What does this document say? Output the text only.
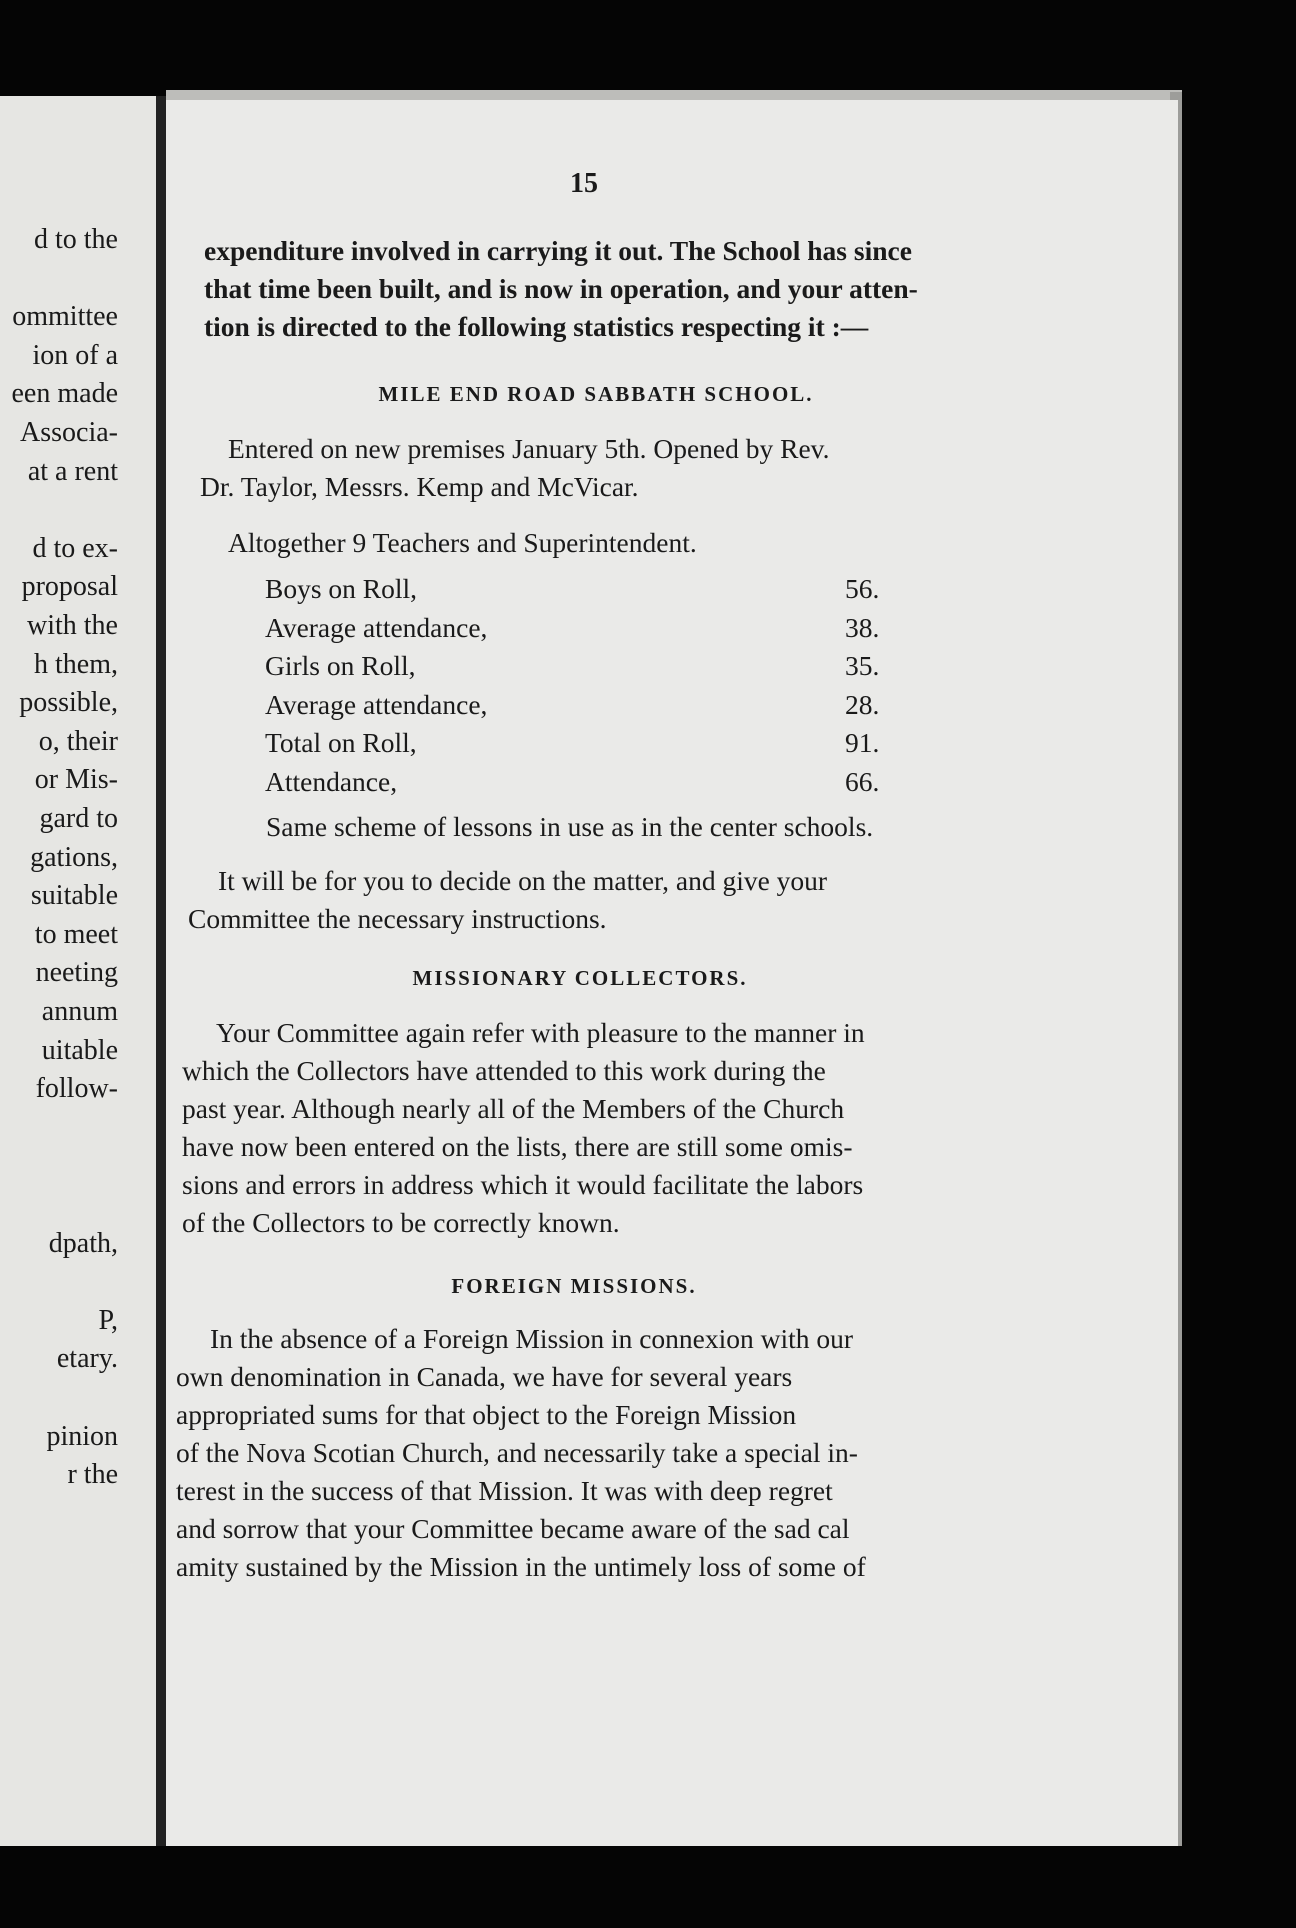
d to the
ommittee
ion of a
een made
Associa-
at a rent
d to ex-
proposal
with the
h them,
possible,
o, their
or Mis-
gard to
gations,
suitable
to meet
neeting
annum
uitable
follow-
dpath,
P,
etary.
pinion
r the
15
expenditure involved in carrying it out. The School has since
that time been built, and is now in operation, and your atten-
tion is directed to the following statistics respecting it :—
MILE END ROAD SABBATH SCHOOL.
Entered on new premises January 5th. Opened by Rev.
Dr. Taylor, Messrs. Kemp and McVicar.
Altogether 9 Teachers and Superintendent.
Boys on Roll,	56.
Average attendance,	38.
Girls on Roll,	35.
Average attendance,	28.
Total on Roll,	91.
Attendance,	66.
Same scheme of lessons in use as in the center schools.
It will be for you to decide on the matter, and give your
Committee the necessary instructions.
MISSIONARY COLLECTORS.
Your Committee again refer with pleasure to the manner in
which the Collectors have attended to this work during the
past year. Although nearly all of the Members of the Church
have now been entered on the lists, there are still some omis-
sions and errors in address which it would facilitate the labors
of the Collectors to be correctly known.
FOREIGN MISSIONS.
In the absence of a Foreign Mission in connexion with our
own denomination in Canada, we have for several years
appropriated sums for that object to the Foreign Mission
of the Nova Scotian Church, and necessarily take a special in-
terest in the success of that Mission. It was with deep regret
and sorrow that your Committee became aware of the sad cal
amity sustained by the Mission in the untimely loss of some of
